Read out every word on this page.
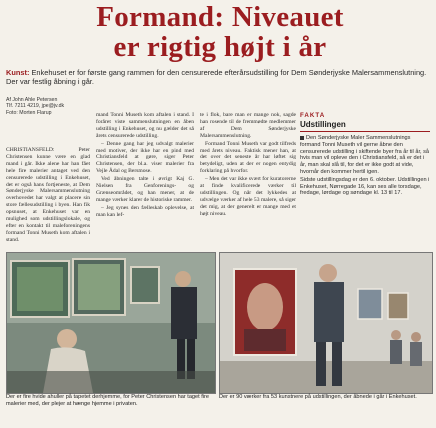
Formand: Niveauet
er rigtig højt i år
Kunst: Enkehuset er for første gang rammen for den censurerede efterårsudstilling for Dem Sønderjyske Malersammenslutning. Der var festlig åbning i går.
Af John Ahle Petersen
Tlf. 7211 4219, jpe@jv.dk
Foto: Morten Flarup

CHRISTIANSFELD: Peter Christensen kunne være en glad mand i går. Ikke alene har han fået hele fire malerier antaget ved den censurerede udstilling i Enkehuset, det er også hans fortjeneste, at Dem Sønderjyske Malersammenslutning overhovedet har valgt at placere sin store fællesudstilling i byen. Han fik opsnuset, at Enkehuset var en mulighed som udstillingslokale, og efter en kontakt til maleforeningens formand Tonni Museth kom aftalen i stand.

mand Tonni Museth kom aftalen i stand. I foråret viste sammenslutningen en åben udstilling i Enkehuset, og nu gælder det så årets censurerede udstilling.

– Denne gang har jeg udvalgt malerier med motiver, der ikke har en pind med Christiansfeld at gøre, siger Peter Christensen, der bl.a. viser malerier fra Vejle Ådal og Bersmose.

Ved åbningen talte i øvrigt Kaj G. Nielsen fra Genforenings- og Grænseområdet, og han mener, at de mange værker klarer de historiske rammer.

– Jeg synes den fælleskab oplevelse, at man kan lef-

te i flok, bare man er mange nok, sagde han rosende til de fremmødte medlemmer af Dem Sønderjyske Malersammenslutning.

Formand Tonni Museth var godt tilfreds med årets niveau. Faktisk mener han, at det over det seneste år har løftet sig betydeligt, uden at der er nogen entydig forklaring på hvorfor.

– Men det var ikke svært for kuratorerne at finde kvalificerede værker til udstillingen. Og når det lykkedes at udvælge værker af hele 53 malere, så siger det mig, at der generelt er mange med et højt niveau.

FAKTA
Udstillingen

Den Sønderjyske Maler Sammenslutnings formand Tonni Museth vil gerne åbne den censurerede udstilling i skiftende byer fra år til år, så hvis man vil opleve den i Christiansfeld, så er det i år, man skal slå til, for det er ikke godt at vide, hvornår den kommer hertil igen.

Sidste udstillingsdag er den 6. oktober. Udstillingen i Enkehuset, Nørregade 16, kan ses alle torsdage, fredage, lørdage og søndage kl. 13 til 17.

Der er fire hvide ahuller på tapetet derhjemme, for Peter Christensen har taget fire malerier med, der plejer at hænge hjemme i privaten.
Der er 90 værker fra 53 kunstnere på udstillingen, der åbnede i går i Enkehuset.
